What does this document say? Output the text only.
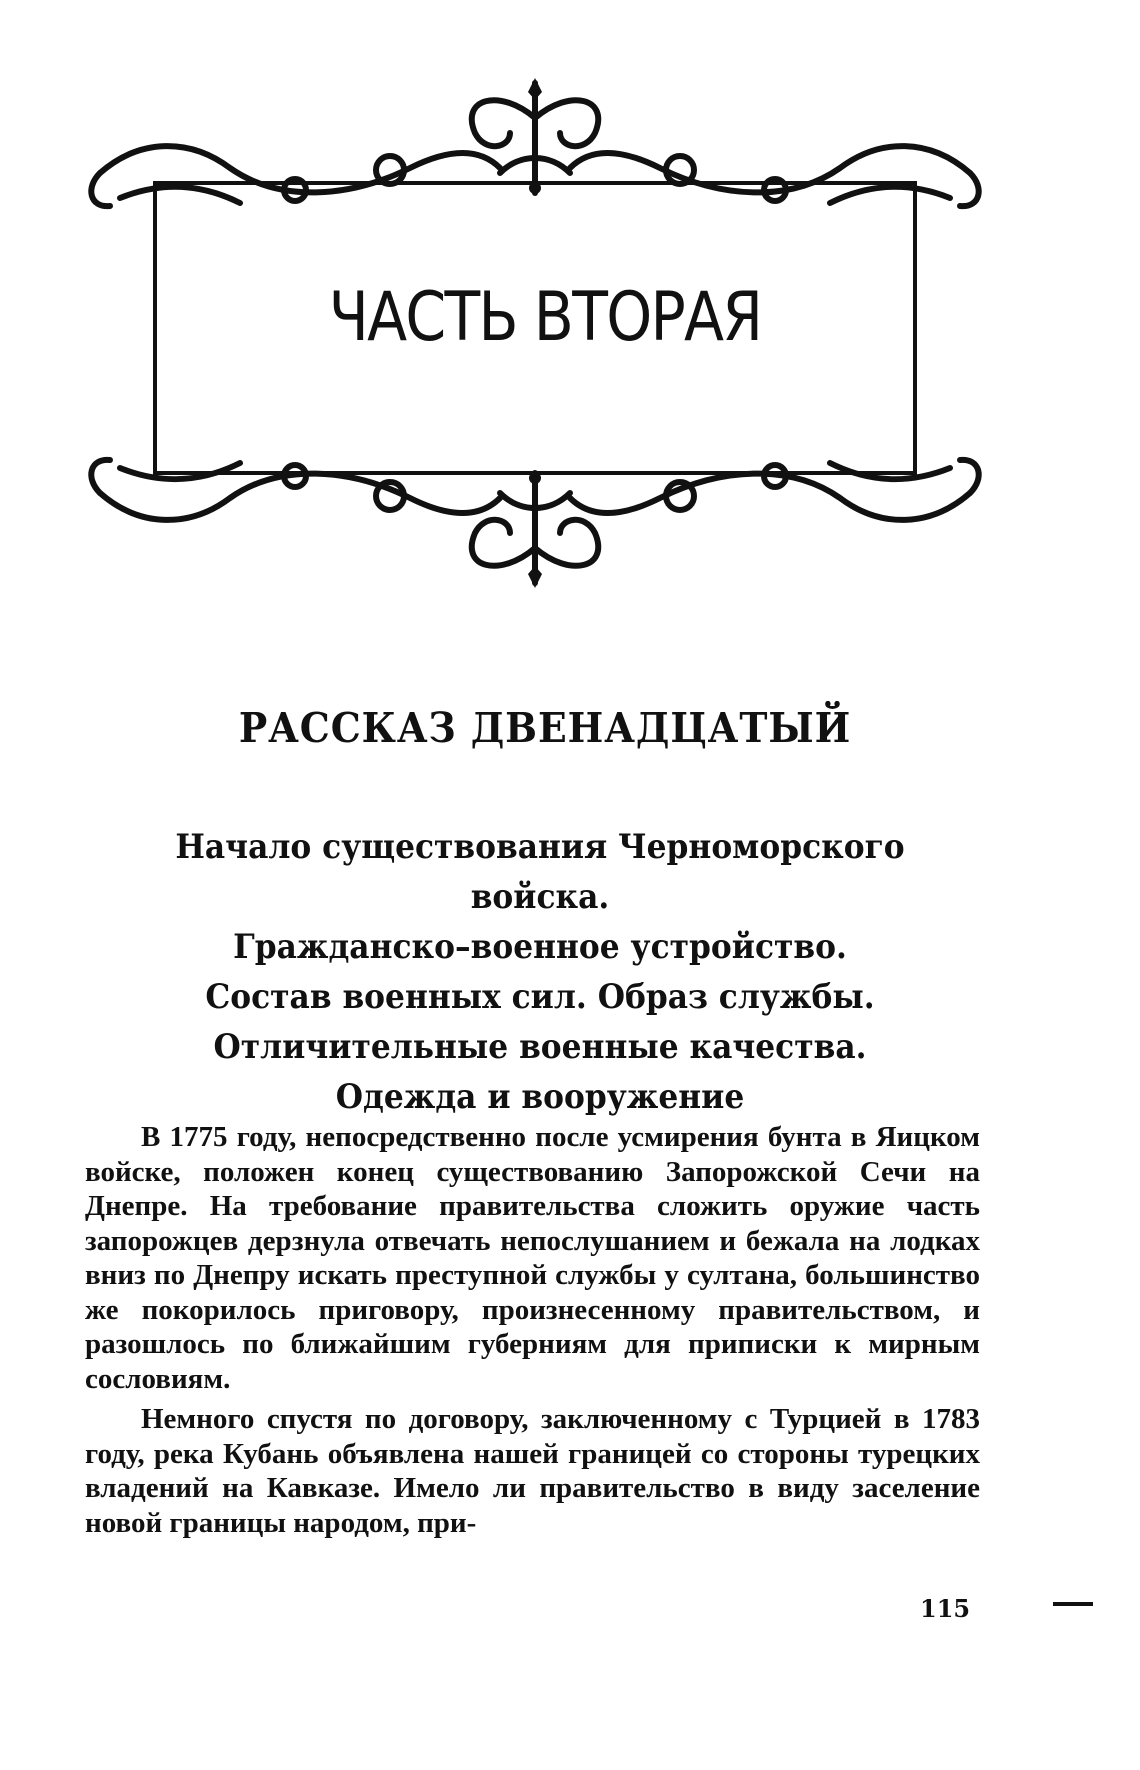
ЧАСТЬ ВТОРАЯ
РАССКАЗ ДВЕНАДЦАТЫЙ
Начало существования Черноморского
войска.
Гражданско–военное устройство.
Состав военных сил. Образ службы.
Отличительные военные качества.
Одежда и вооружение

В 1775 году, непосредственно после усмирения бунта в Яицком войске, положен конец существованию Запорожской Сечи на Днепре. На требование правительства сложить оружие часть запорожцев дерзнула отвечать непослушанием и бежала на лодках вниз по Днепру искать преступной службы у султана, большинство же покорилось приговору, произнесенному правительством, и разошлось по ближайшим губерниям для приписки к мирным сословиям.

Немного спустя по договору, заключенному с Турцией в 1783 году, река Кубань объявлена нашей границей со стороны турецких владений на Кавказе. Имело ли правительство в виду заселение новой границы народом, при-

115
